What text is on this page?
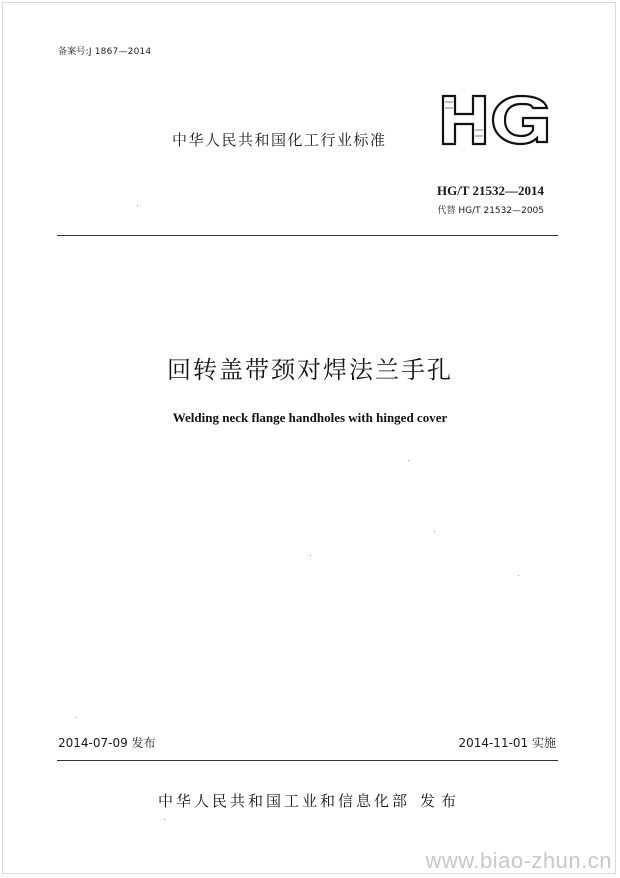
备案号:J 1867—2014
中华人民共和国化工行业标准
HG/T 21532—2014
代替 HG/T 21532—2005
回转盖带颈对焊法兰手孔
Welding neck flange handholes with hinged cover
2014-07-09 发布	2014-11-01 实施
中华人民共和国工业和信息化部 发布
www.biao-zhun.cn
